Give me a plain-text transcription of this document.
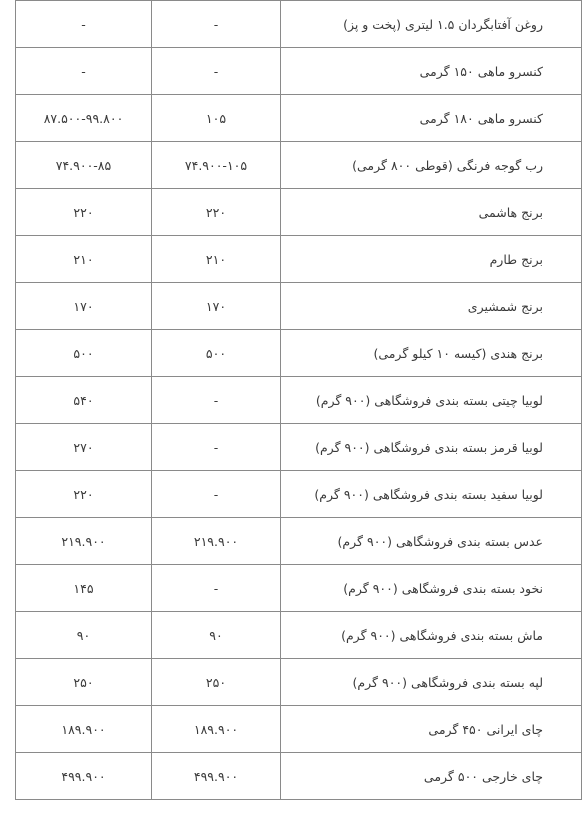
روغن آفتابگردان ۱.۵ لیتری (پخت و پز)	-	-
کنسرو ماهی ۱۵۰ گرمی	-	-
کنسرو ماهی ۱۸۰ گرمی	۱۰۵	۸۷.۵۰۰-۹۹.۸۰۰
رب گوجه فرنگی (قوطی ۸۰۰ گرمی)	۷۴.۹۰۰-۱۰۵	۷۴.۹۰۰-۸۵
برنج هاشمی	۲۲۰	۲۲۰
برنج طارم	۲۱۰	۲۱۰
برنج شمشیری	۱۷۰	۱۷۰
برنج هندی (کیسه ۱۰ کیلو گرمی)	۵۰۰	۵۰۰
لوبیا چیتی بسته بندی فروشگاهی (۹۰۰ گرم)	-	۵۴۰
لوبیا قرمز بسته بندی فروشگاهی (۹۰۰ گرم)	-	۲۷۰
لوبیا سفید بسته بندی فروشگاهی (۹۰۰ گرم)	-	۲۲۰
عدس بسته بندی فروشگاهی (۹۰۰ گرم)	۲۱۹.۹۰۰	۲۱۹.۹۰۰
نخود بسته بندی فروشگاهی (۹۰۰ گرم)	-	۱۴۵
ماش بسته بندی فروشگاهی (۹۰۰ گرم)	۹۰	۹۰
لپه بسته بندی فروشگاهی (۹۰۰ گرم)	۲۵۰	۲۵۰
چای ایرانی ۴۵۰ گرمی	۱۸۹.۹۰۰	۱۸۹.۹۰۰
چای خارجی ۵۰۰ گرمی	۴۹۹.۹۰۰	۴۹۹.۹۰۰
